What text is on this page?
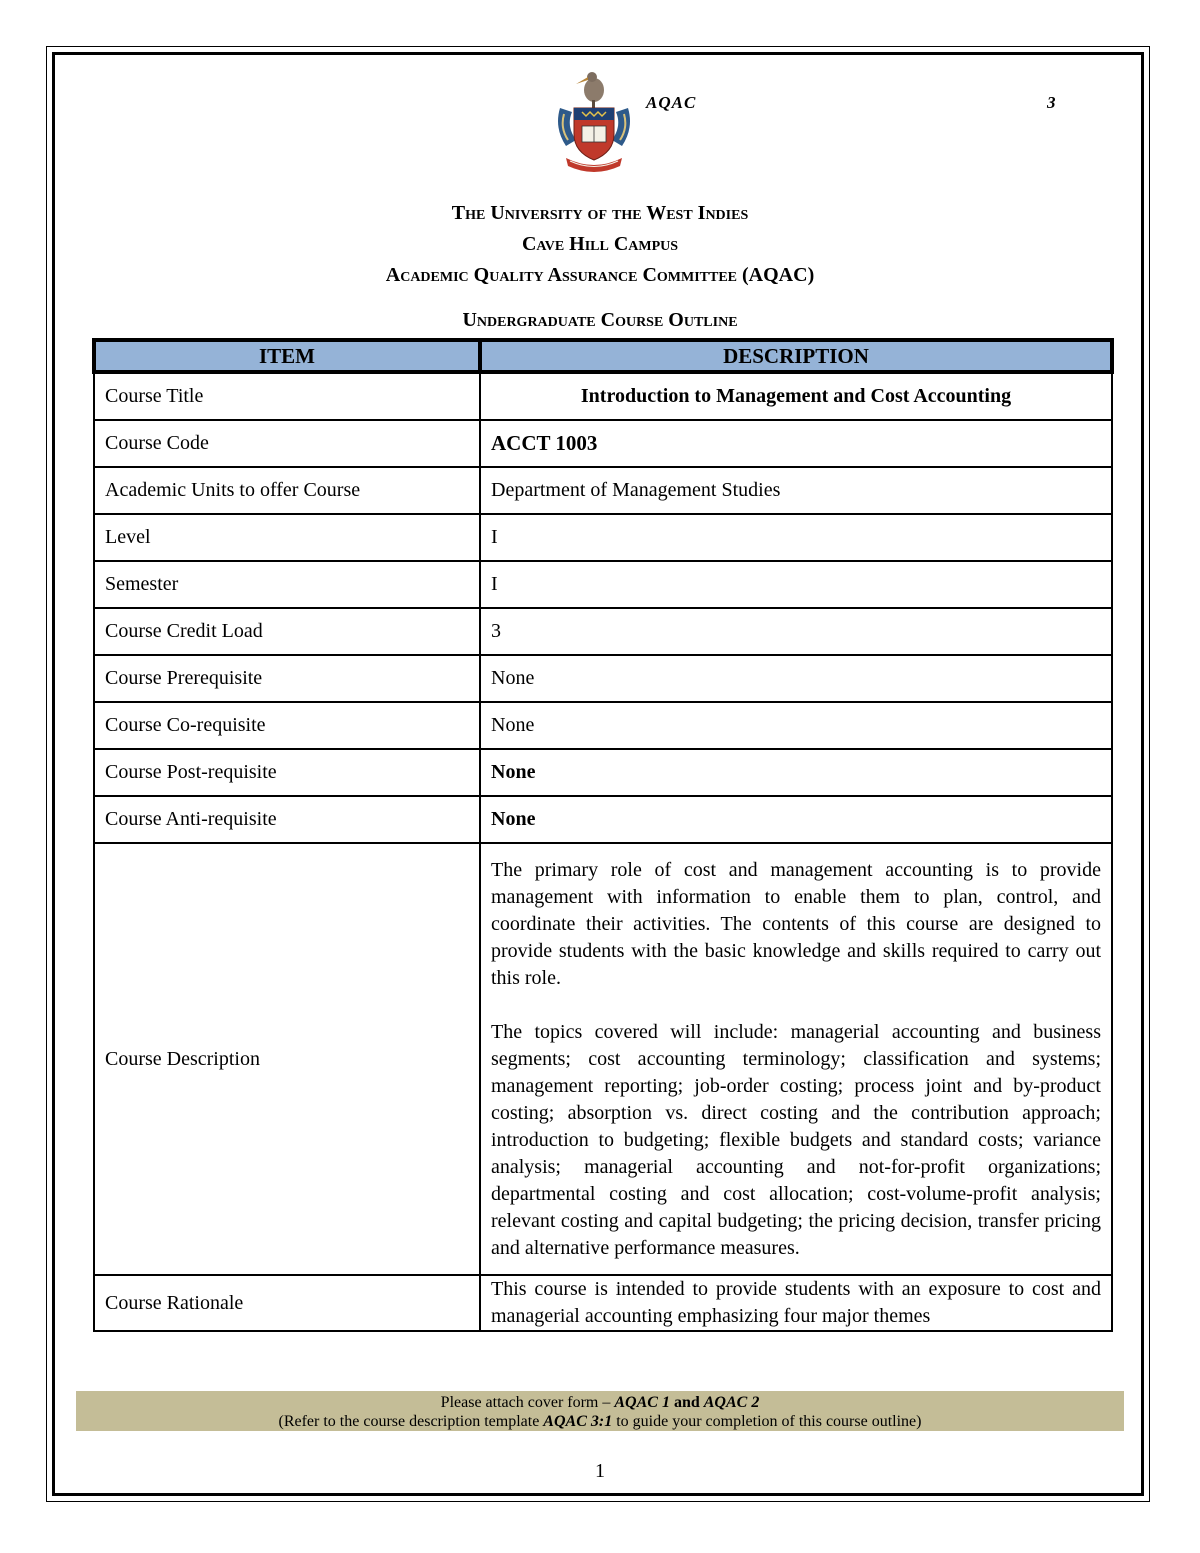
AQAC	3
The University of the West Indies
Cave Hill Campus
Academic Quality Assurance Committee (AQAC)
Undergraduate Course Outline
ITEM	DESCRIPTION
Course Title	Introduction to Management and Cost Accounting
Course Code	ACCT 1003
Academic Units to offer Course	Department of Management Studies
Level	I
Semester	I
Course Credit Load	3
Course Prerequisite	None
Course Co-requisite	None
Course Post-requisite	None
Course Anti-requisite	None
Course Description	The primary role of cost and management accounting is to provide management with information to enable them to plan, control, and coordinate their activities. The contents of this course are designed to provide students with the basic knowledge and skills required to carry out this role.

The topics covered will include: managerial accounting and business segments; cost accounting terminology; classification and systems; management reporting; job-order costing; process joint and by-product costing; absorption vs. direct costing and the contribution approach; introduction to budgeting; flexible budgets and standard costs; variance analysis; managerial accounting and not-for-profit organizations; departmental costing and cost allocation; cost-volume-profit analysis; relevant costing and capital budgeting; the pricing decision, transfer pricing and alternative performance measures.

Course Rationale	This course is intended to provide students with an exposure to cost and managerial accounting emphasizing four major themes
Please attach cover form – AQAC 1 and AQAC 2
(Refer to the course description template AQAC 3:1 to guide your completion of this course outline)
1
